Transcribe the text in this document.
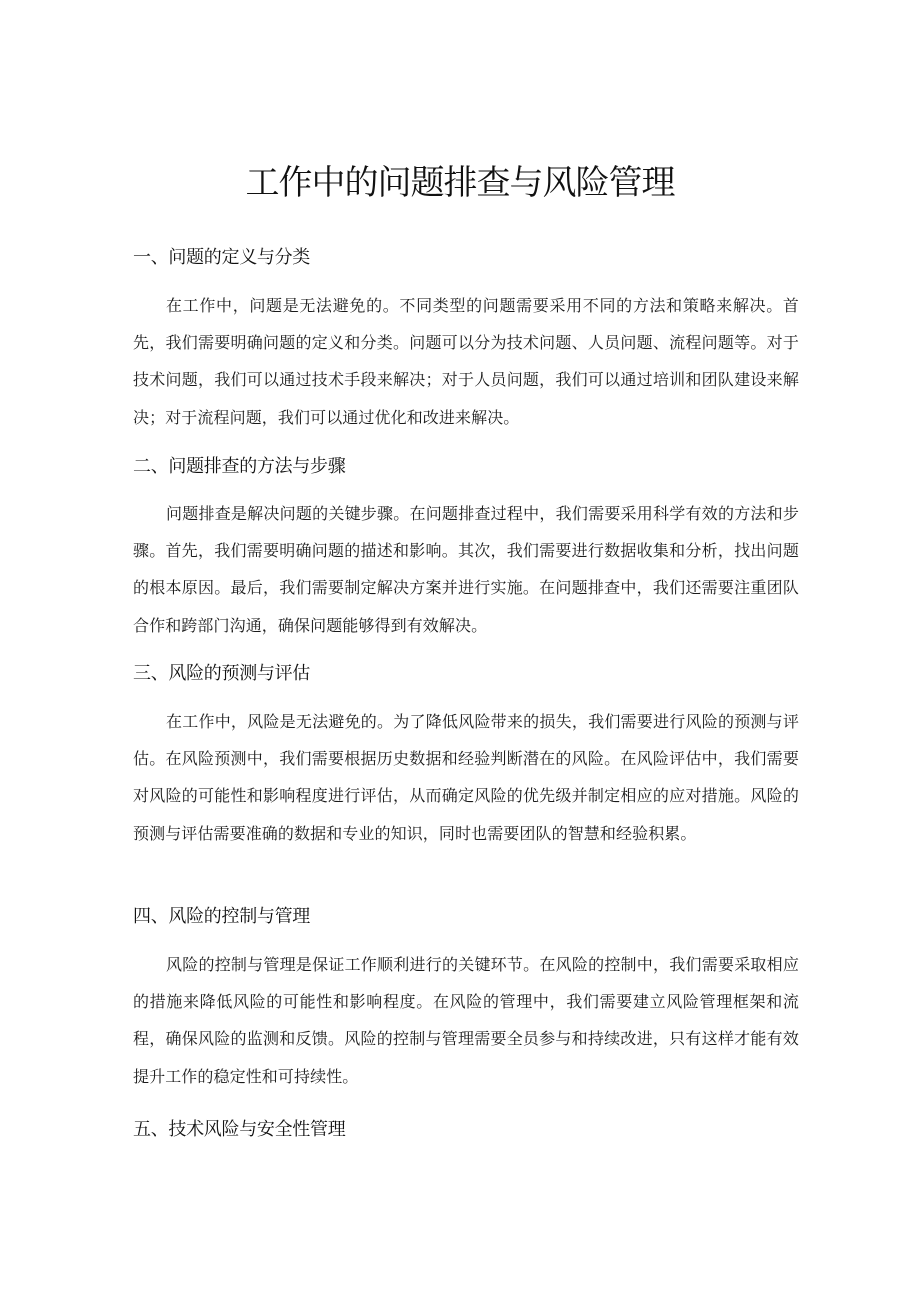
工作中的问题排查与风险管理
一、问题的定义与分类

在工作中，问题是无法避免的。不同类型的问题需要采用不同的方法和策略来解决。首先，我们需要明确问题的定义和分类。问题可以分为技术问题、人员问题、流程问题等。对于技术问题，我们可以通过技术手段来解决；对于人员问题，我们可以通过培训和团队建设来解决；对于流程问题，我们可以通过优化和改进来解决。

二、问题排查的方法与步骤

问题排查是解决问题的关键步骤。在问题排查过程中，我们需要采用科学有效的方法和步骤。首先，我们需要明确问题的描述和影响。其次，我们需要进行数据收集和分析，找出问题的根本原因。最后，我们需要制定解决方案并进行实施。在问题排查中，我们还需要注重团队合作和跨部门沟通，确保问题能够得到有效解决。

三、风险的预测与评估

在工作中，风险是无法避免的。为了降低风险带来的损失，我们需要进行风险的预测与评估。在风险预测中，我们需要根据历史数据和经验判断潜在的风险。在风险评估中，我们需要对风险的可能性和影响程度进行评估，从而确定风险的优先级并制定相应的应对措施。风险的预测与评估需要准确的数据和专业的知识，同时也需要团队的智慧和经验积累。

四、风险的控制与管理

风险的控制与管理是保证工作顺利进行的关键环节。在风险的控制中，我们需要采取相应的措施来降低风险的可能性和影响程度。在风险的管理中，我们需要建立风险管理框架和流程，确保风险的监测和反馈。风险的控制与管理需要全员参与和持续改进，只有这样才能有效提升工作的稳定性和可持续性。

五、技术风险与安全性管理
